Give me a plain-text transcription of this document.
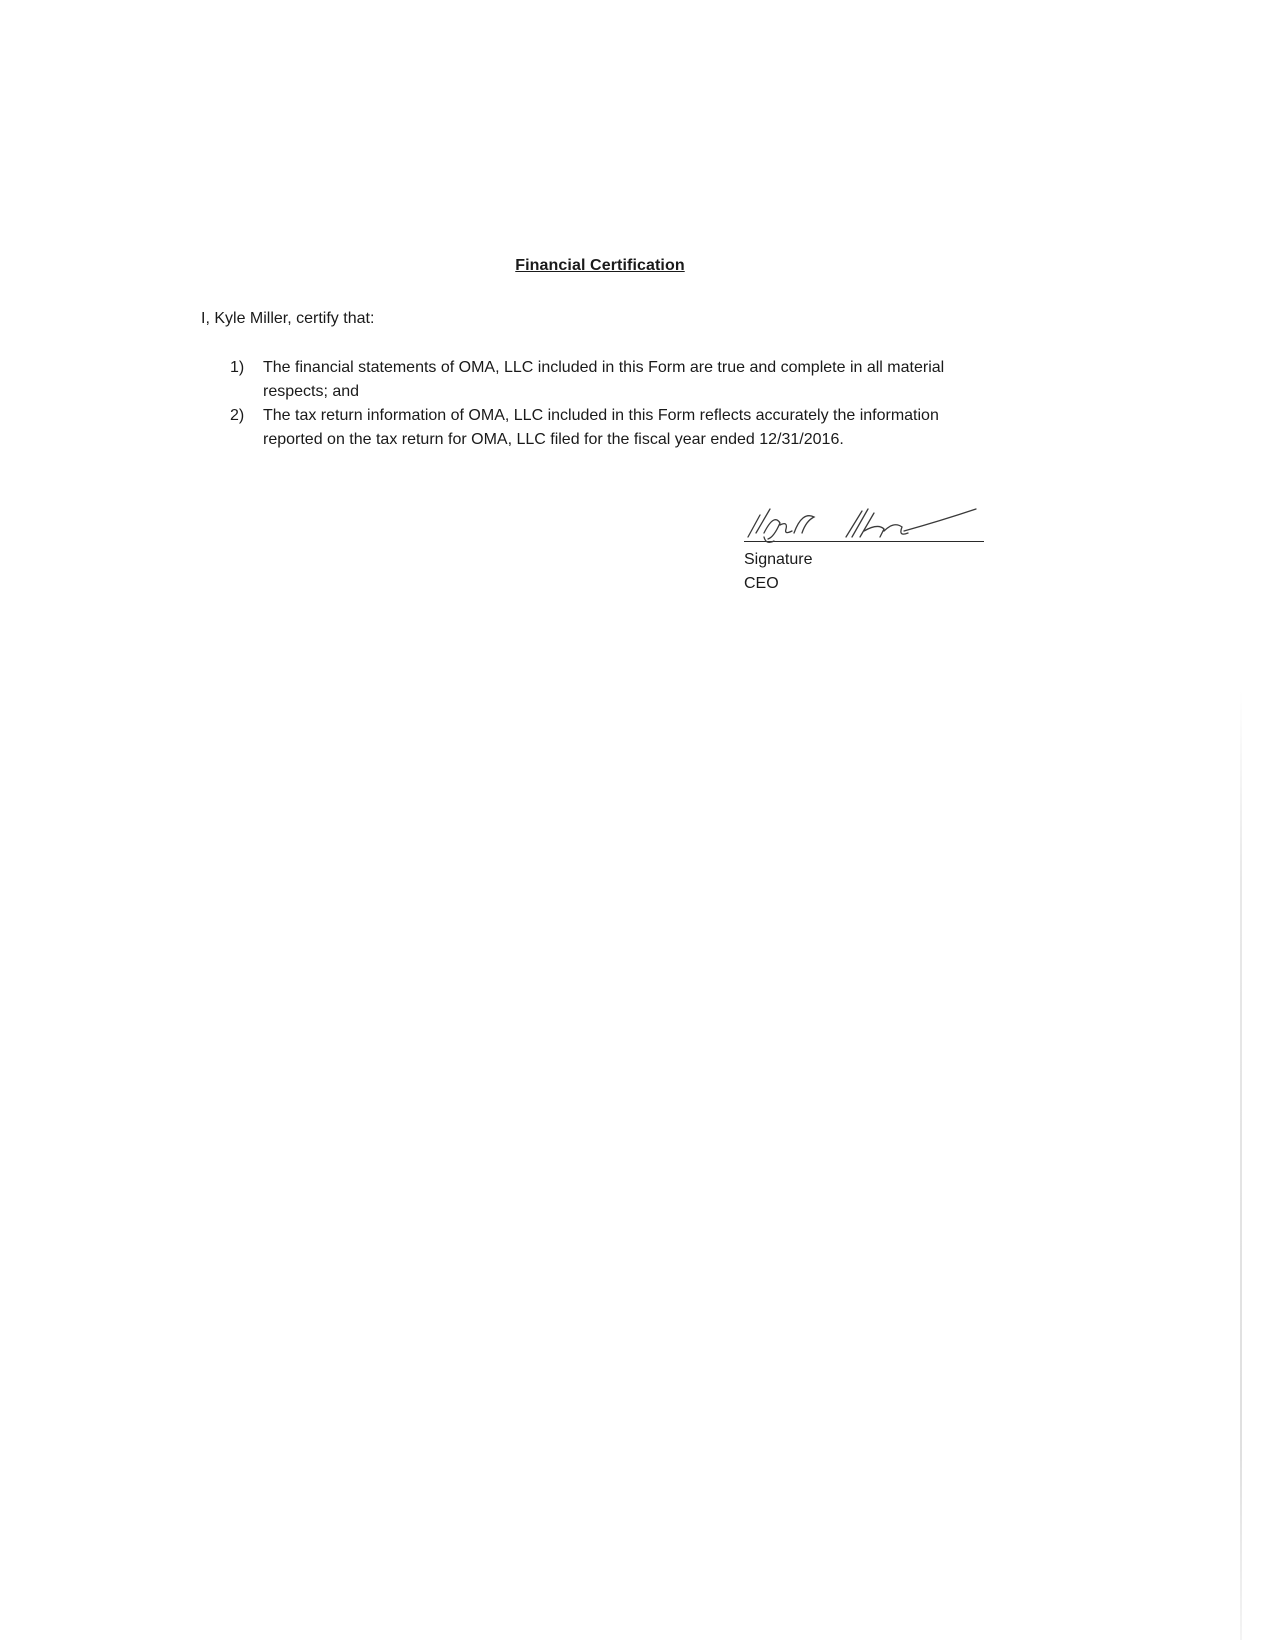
Financial Certification
I, Kyle Miller, certify that:
1) The financial statements of OMA, LLC included in this Form are true and complete in all material respects; and
2) The tax return information of OMA, LLC included in this Form reflects accurately the information reported on the tax return for OMA, LLC filed for the fiscal year ended 12/31/2016.
Signature
CEO
